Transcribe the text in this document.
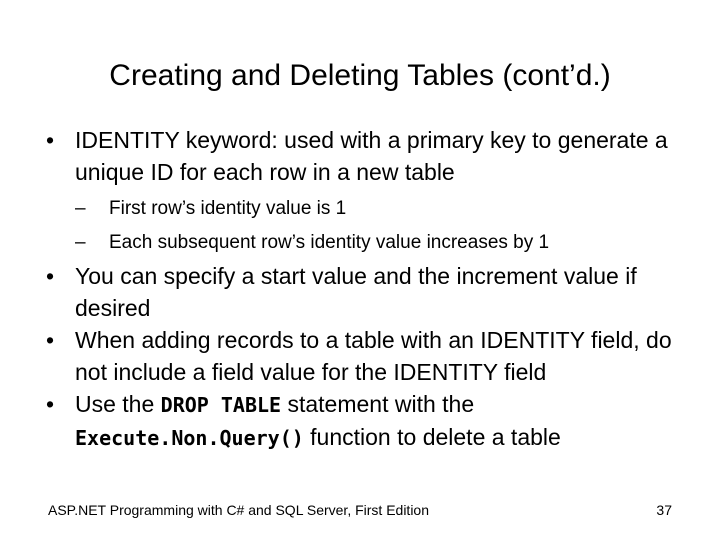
Creating and Deleting Tables (cont’d.)
• IDENTITY keyword: used with a primary key to generate a unique ID for each row in a new table
– First row’s identity value is 1
– Each subsequent row’s identity value increases by 1
• You can specify a start value and the increment value if desired
• When adding records to a table with an IDENTITY field, do not include a field value for the IDENTITY field
• Use the DROP TABLE statement with the Execute.Non.Query() function to delete a table
ASP.NET Programming with C# and SQL Server, First Edition	37
